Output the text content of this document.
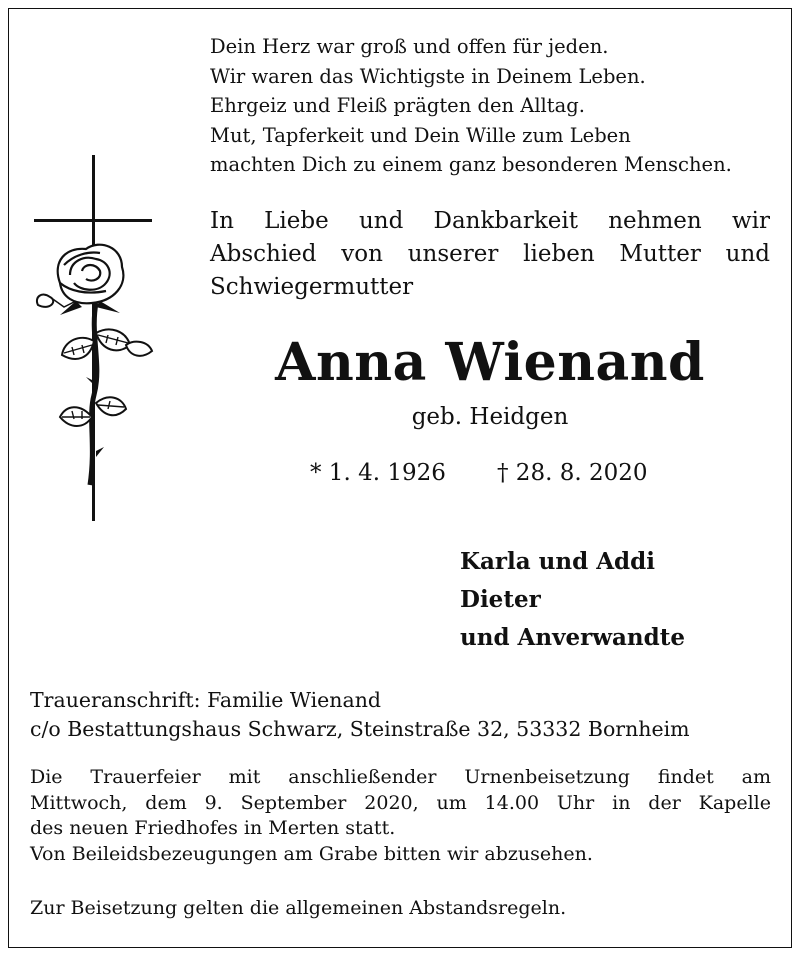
Dein Herz war groß und offen für jeden.
Wir waren das Wichtigste in Deinem Leben.
Ehrgeiz und Fleiß prägten den Alltag.
Mut, Tapferkeit und Dein Wille zum Leben
machten Dich zu einem ganz besonderen Menschen.
In Liebe und Dankbarkeit nehmen wir
Abschied von unserer lieben Mutter und
Schwiegermutter
Anna Wienand
geb. Heidgen
* 1. 4. 1926 † 28. 8. 2020
Karla und Addi
Dieter
und Anverwandte
Traueranschrift: Familie Wienand
c/o Bestattungshaus Schwarz, Steinstraße 32, 53332 Bornheim
Die Trauerfeier mit anschließender Urnenbeisetzung findet am
Mittwoch, dem 9. September 2020, um 14.00 Uhr in der Kapelle
des neuen Friedhofes in Merten statt.
Von Beileidsbezeugungen am Grabe bitten wir abzusehen.
Zur Beisetzung gelten die allgemeinen Abstandsregeln.
